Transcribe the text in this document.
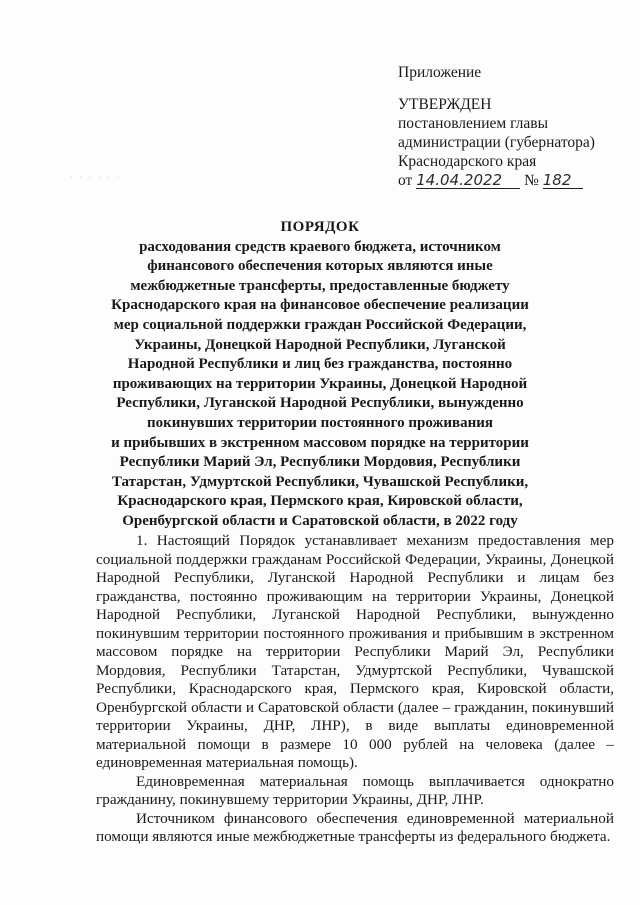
· · · · · ·
Приложение
УТВЕРЖДЕН
постановлением главы
администрации (губернатора)
Краснодарского края
от 14.04.2022 № 182
ПОРЯДОК
расходования средств краевого бюджета, источником
финансового обеспечения которых являются иные
межбюджетные трансферты, предоставленные бюджету
Краснодарского края на финансовое обеспечение реализации
мер социальной поддержки граждан Российской Федерации,
Украины, Донецкой Народной Республики, Луганской
Народной Республики и лиц без гражданства, постоянно
проживающих на территории Украины, Донецкой Народной
Республики, Луганской Народной Республики, вынужденно
покинувших территории постоянного проживания
и прибывших в экстренном массовом порядке на территории
Республики Марий Эл, Республики Мордовия, Республики
Татарстан, Удмуртской Республики, Чувашской Республики,
Краснодарского края, Пермского края, Кировской области,
Оренбургской области и Саратовской области, в 2022 году

1. Настоящий Порядок устанавливает механизм предоставления мер социальной поддержки гражданам Российской Федерации, Украины, Донецкой Народной Республики, Луганской Народной Республики и лицам без гражданства, постоянно проживающим на территории Украины, Донецкой Народной Республики, Луганской Народной Республики, вынужденно покинувшим территории постоянного проживания и прибывшим в экстренном массовом порядке на территории Республики Марий Эл, Республики Мордовия, Республики Татарстан, Удмуртской Республики, Чувашской Республики, Краснодарского края, Пермского края, Кировской области, Оренбургской области и Саратовской области (далее – гражданин, покинувший территории Украины, ДНР, ЛНР), в виде выплаты единовременной материальной помощи в размере 10 000 рублей на человека (далее – единовременная материальная помощь).

Единовременная материальная помощь выплачивается однократно гражданину, покинувшему территории Украины, ДНР, ЛНР.

Источником финансового обеспечения единовременной материальной помощи являются иные межбюджетные трансферты из федерального бюджета.
